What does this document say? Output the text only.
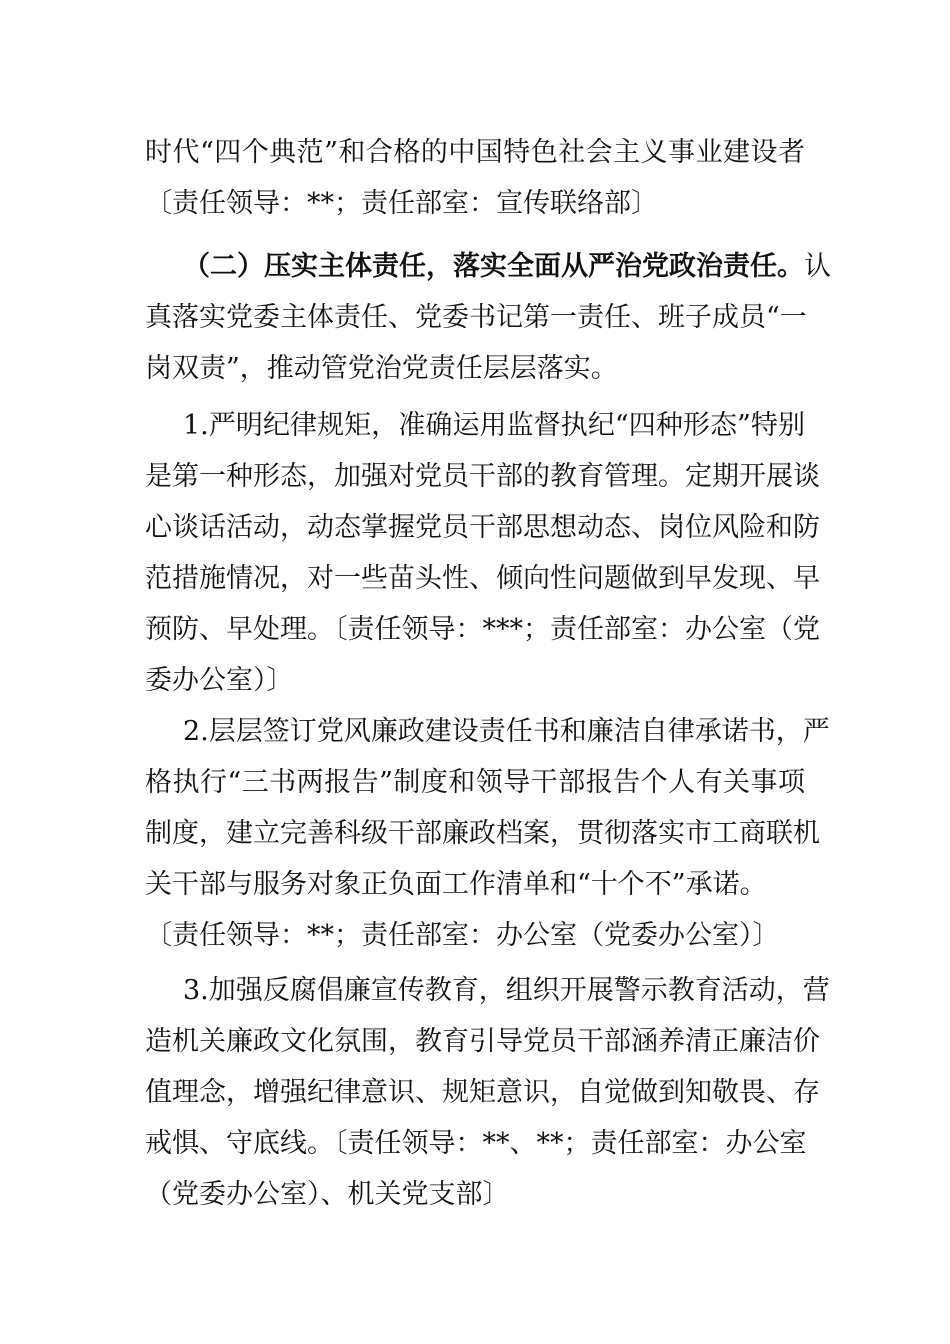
时代“四个典范”和合格的中国特色社会主义事业建设者
〔责任领导：**；责任部室：宣传联络部〕
（二）压实主体责任，落实全面从严治党政治责任。认
真落实党委主体责任、党委书记第一责任、班子成员“一
岗双责”，推动管党治党责任层层落实。
1.严明纪律规矩，准确运用监督执纪“四种形态”特别
是第一种形态，加强对党员干部的教育管理。定期开展谈
心谈话活动，动态掌握党员干部思想动态、岗位风险和防
范措施情况，对一些苗头性、倾向性问题做到早发现、早
预防、早处理。〔责任领导：***；责任部室：办公室（党
委办公室）〕
2.层层签订党风廉政建设责任书和廉洁自律承诺书，严
格执行“三书两报告”制度和领导干部报告个人有关事项
制度，建立完善科级干部廉政档案，贯彻落实市工商联机
关干部与服务对象正负面工作清单和“十个不”承诺。
〔责任领导：**；责任部室：办公室（党委办公室）〕
3.加强反腐倡廉宣传教育，组织开展警示教育活动，营
造机关廉政文化氛围，教育引导党员干部涵养清正廉洁价
值理念，增强纪律意识、规矩意识，自觉做到知敬畏、存
戒惧、守底线。〔责任领导：**、**；责任部室：办公室
（党委办公室）、机关党支部〕
